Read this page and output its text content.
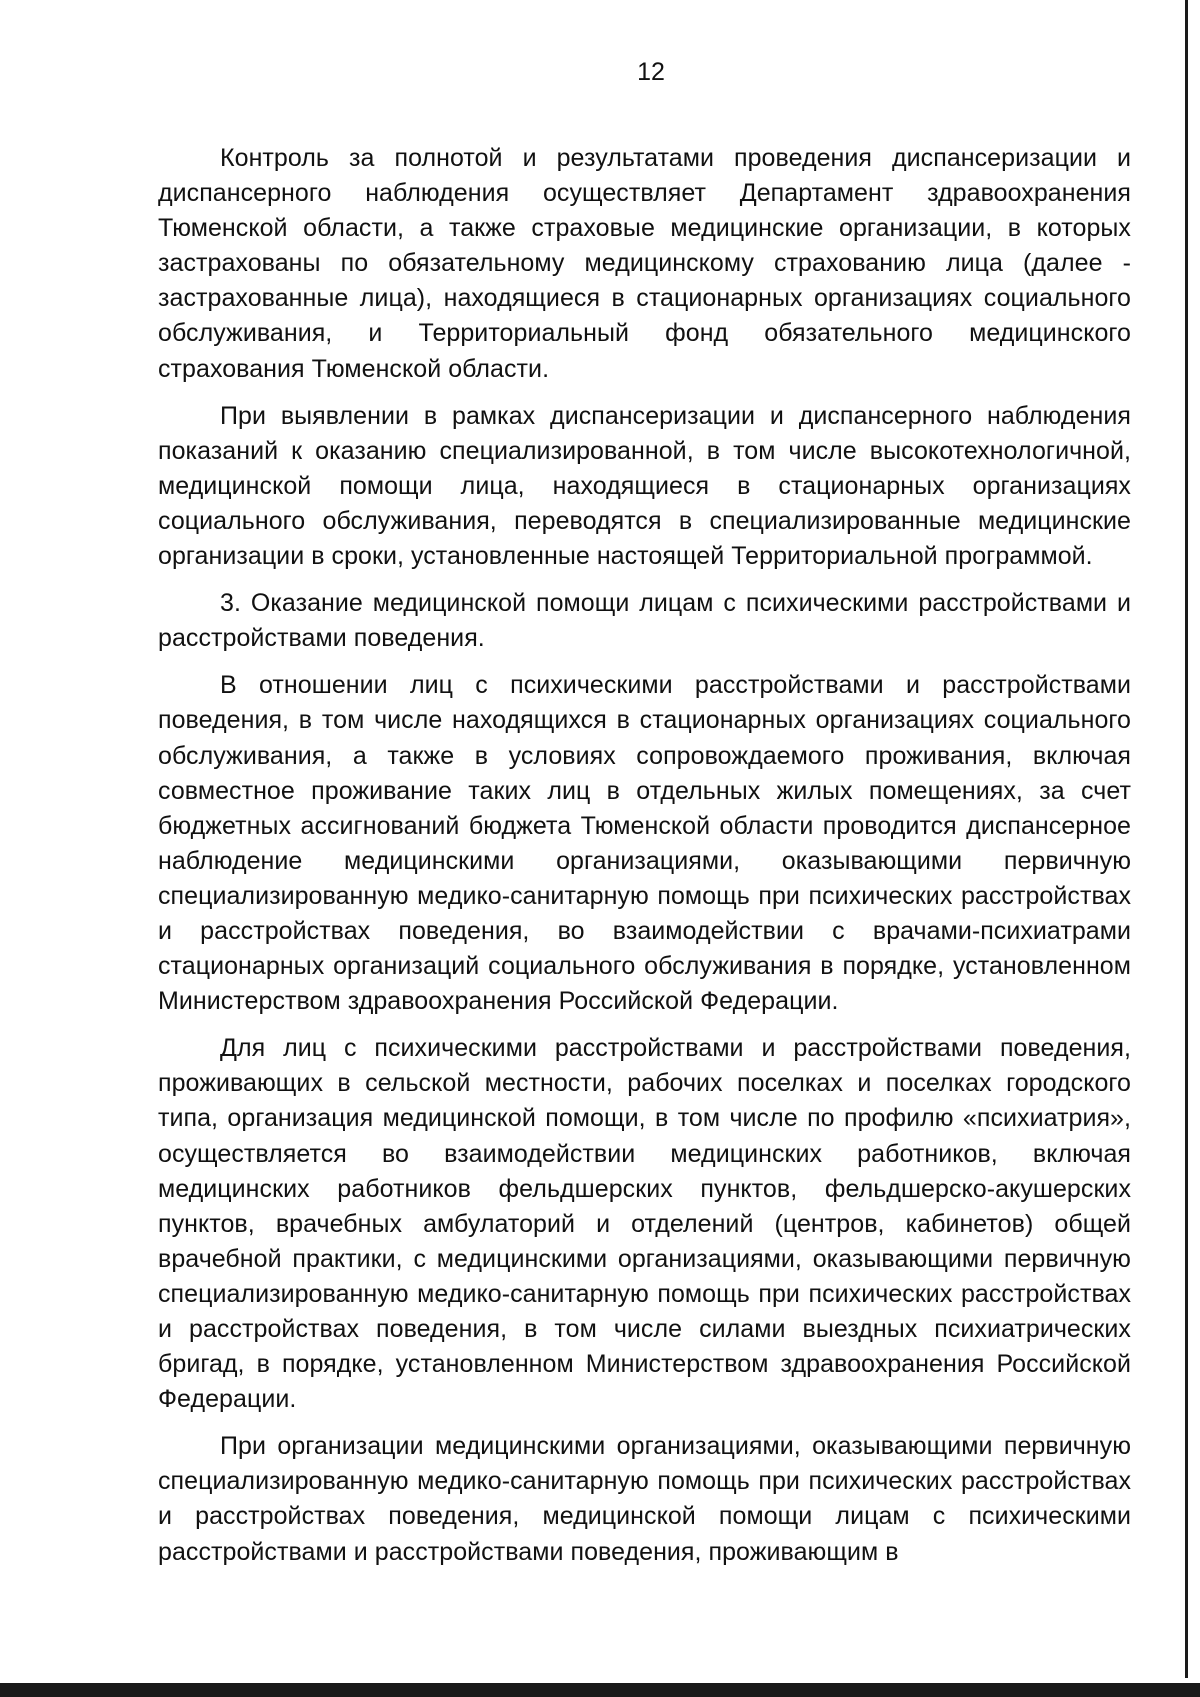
12

Контроль за полнотой и результатами проведения диспансеризации и диспансерного наблюдения осуществляет Департамент здравоохранения Тюменской области, а также страховые медицинские организации, в которых застрахованы по обязательному медицинскому страхованию лица (далее - застрахованные лица), находящиеся в стационарных организациях социального обслуживания, и Территориальный фонд обязательного медицинского страхования Тюменской области.

При выявлении в рамках диспансеризации и диспансерного наблюдения показаний к оказанию специализированной, в том числе высокотехнологичной, медицинской помощи лица, находящиеся в стационарных организациях социального обслуживания, переводятся в специализированные медицинские организации в сроки, установленные настоящей Территориальной программой.

3. Оказание медицинской помощи лицам с психическими расстройствами и расстройствами поведения.

В отношении лиц с психическими расстройствами и расстройствами поведения, в том числе находящихся в стационарных организациях социального обслуживания, а также в условиях сопровождаемого проживания, включая совместное проживание таких лиц в отдельных жилых помещениях, за счет бюджетных ассигнований бюджета Тюменской области проводится диспансерное наблюдение медицинскими организациями, оказывающими первичную специализированную медико-санитарную помощь при психических расстройствах и расстройствах поведения, во взаимодействии с врачами-психиатрами стационарных организаций социального обслуживания в порядке, установленном Министерством здравоохранения Российской Федерации.

Для лиц с психическими расстройствами и расстройствами поведения, проживающих в сельской местности, рабочих поселках и поселках городского типа, организация медицинской помощи, в том числе по профилю «психиатрия», осуществляется во взаимодействии медицинских работников, включая медицинских работников фельдшерских пунктов, фельдшерско-акушерских пунктов, врачебных амбулаторий и отделений (центров, кабинетов) общей врачебной практики, с медицинскими организациями, оказывающими первичную специализированную медико-санитарную помощь при психических расстройствах и расстройствах поведения, в том числе силами выездных психиатрических бригад, в порядке, установленном Министерством здравоохранения Российской Федерации.

При организации медицинскими организациями, оказывающими первичную специализированную медико-санитарную помощь при психических расстройствах и расстройствах поведения, медицинской помощи лицам с психическими расстройствами и расстройствами поведения, проживающим в
